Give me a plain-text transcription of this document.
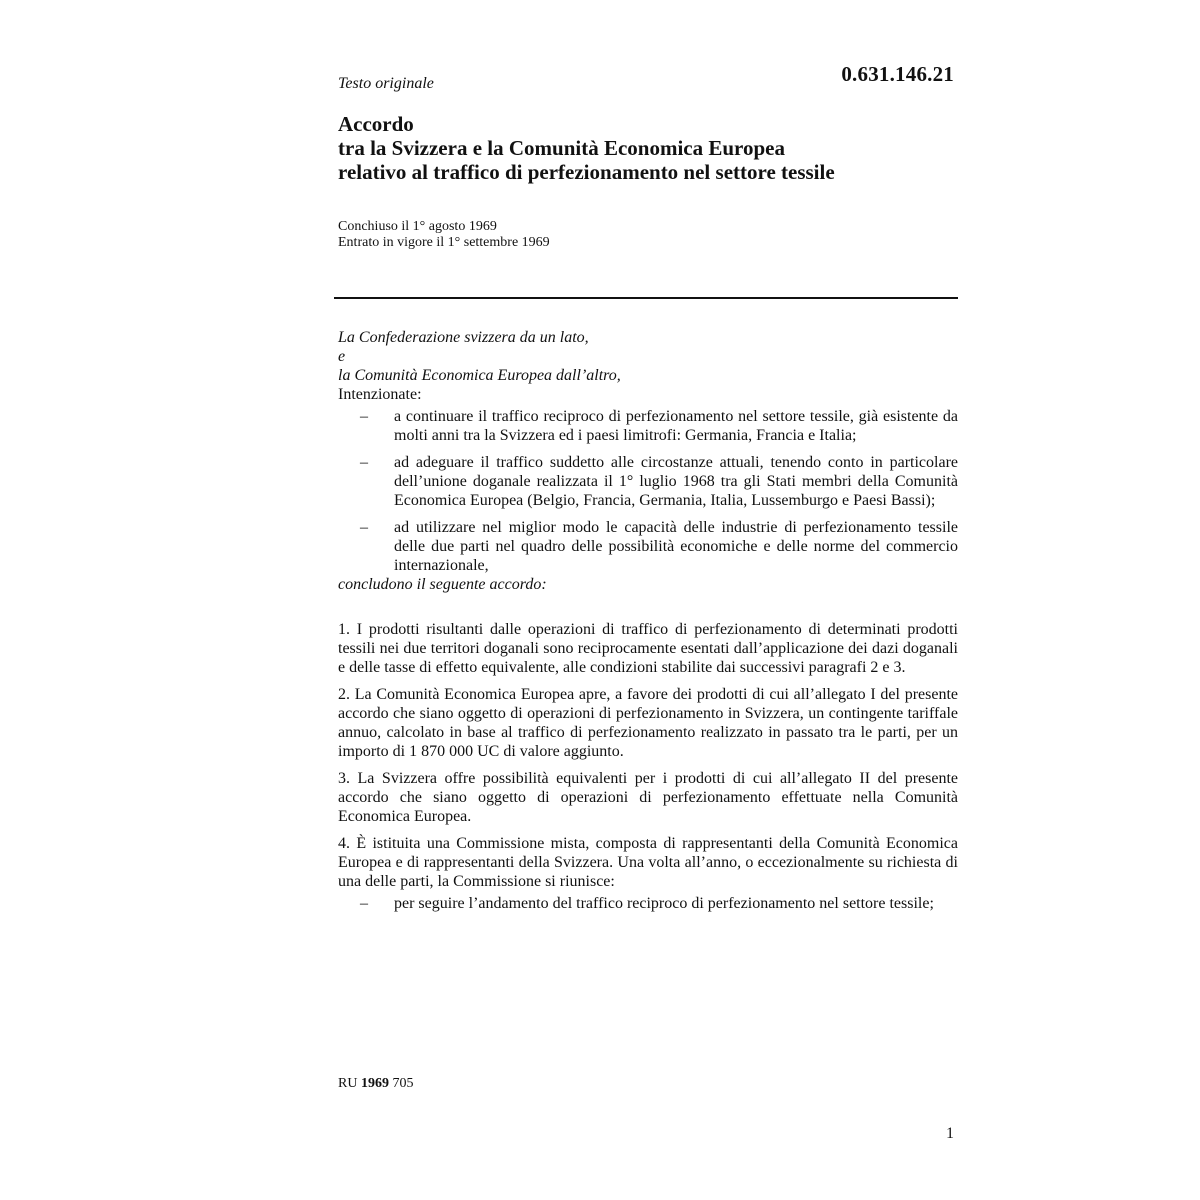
0.631.146.21
Testo originale
Accordo
tra la Svizzera e la Comunità Economica Europea
relativo al traffico di perfezionamento nel settore tessile
Conchiuso il 1° agosto 1969
Entrato in vigore il 1° settembre 1969
La Confederazione svizzera da un lato,
e
la Comunità Economica Europea dall’altro,
Intenzionate:
– a continuare il traffico reciproco di perfezionamento nel settore tessile, già esistente da molti anni tra la Svizzera ed i paesi limitrofi: Germania, Francia e Italia;
– ad adeguare il traffico suddetto alle circostanze attuali, tenendo conto in particolare dell’unione doganale realizzata il 1° luglio 1968 tra gli Stati membri della Comunità Economica Europea (Belgio, Francia, Germania, Italia, Lussemburgo e Paesi Bassi);
– ad utilizzare nel miglior modo le capacità delle industrie di perfezionamento tessile delle due parti nel quadro delle possibilità economiche e delle norme del commercio internazionale,
concludono il seguente accordo:
1. I prodotti risultanti dalle operazioni di traffico di perfezionamento di determinati prodotti tessili nei due territori doganali sono reciprocamente esentati dall’applicazione dei dazi doganali e delle tasse di effetto equivalente, alle condizioni stabilite dai successivi paragrafi 2 e 3.
2. La Comunità Economica Europea apre, a favore dei prodotti di cui all’allegato I del presente accordo che siano oggetto di operazioni di perfezionamento in Svizzera, un contingente tariffale annuo, calcolato in base al traffico di perfezionamento realizzato in passato tra le parti, per un importo di 1 870 000 UC di valore aggiunto.
3. La Svizzera offre possibilità equivalenti per i prodotti di cui all’allegato II del presente accordo che siano oggetto di operazioni di perfezionamento effettuate nella Comunità Economica Europea.
4. È istituita una Commissione mista, composta di rappresentanti della Comunità Economica Europea e di rappresentanti della Svizzera. Una volta all’anno, o eccezionalmente su richiesta di una delle parti, la Commissione si riunisce:
– per seguire l’andamento del traffico reciproco di perfezionamento nel settore tessile;
RU 1969 705
1
